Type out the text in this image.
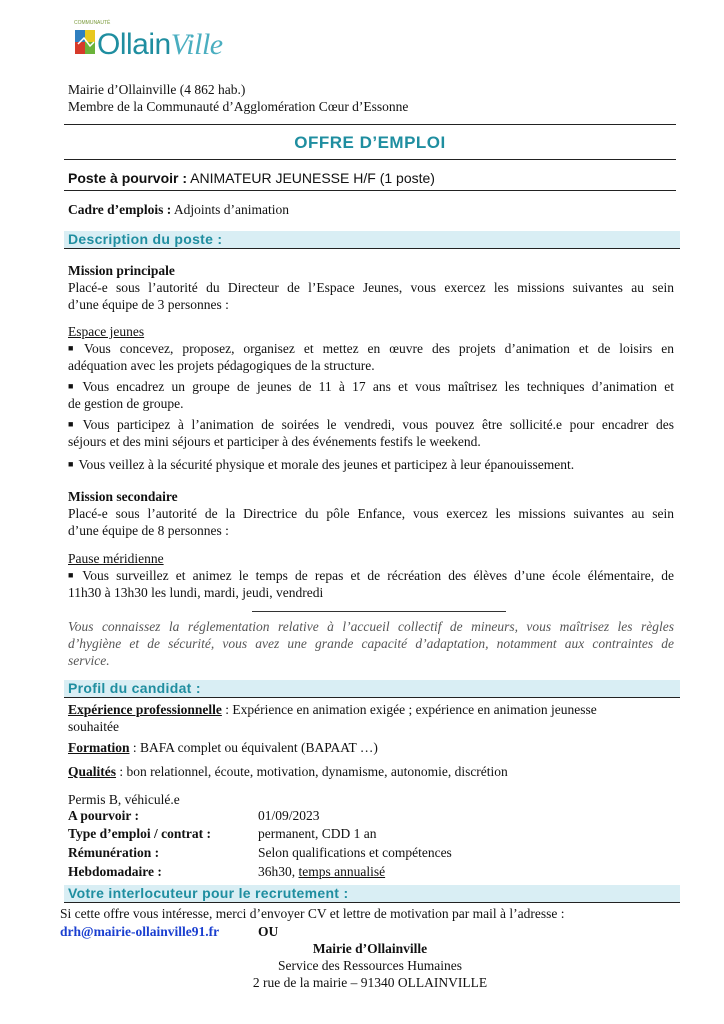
COMMUNAUTÉ
OllainVille
Mairie d’Ollainville (4 862 hab.)
Membre de la Communauté d’Agglomération Cœur d’Essonne
OFFRE D’EMPLOI
Poste à pourvoir : ANIMATEUR JEUNESSE H/F (1 poste)
Cadre d’emplois : Adjoints d’animation
Description du poste :
Mission principale
Placé-e sous l’autorité du Directeur de l’Espace Jeunes, vous exercez les missions suivantes au sein
d’une équipe de 3 personnes :
Espace jeunes
■ Vous concevez, proposez, organisez et mettez en œuvre des projets d’animation et de loisirs en
adéquation avec les projets pédagogiques de la structure.
■ Vous encadrez un groupe de jeunes de 11 à 17 ans et vous maîtrisez les techniques d’animation et
de gestion de groupe.
■ Vous participez à l’animation de soirées le vendredi, vous pouvez être sollicité.e pour encadrer des
séjours et des mini séjours et participer à des événements festifs le weekend.
■ Vous veillez à la sécurité physique et morale des jeunes et participez à leur épanouissement.
Mission secondaire
Placé-e sous l’autorité de la Directrice du pôle Enfance, vous exercez les missions suivantes au sein
d’une équipe de 8 personnes :
Pause méridienne
■ Vous surveillez et animez le temps de repas et de récréation des élèves d’une école élémentaire, de
11h30 à 13h30 les lundi, mardi, jeudi, vendredi
Vous connaissez la réglementation relative à l’accueil collectif de mineurs, vous maîtrisez les règles
d’hygiène et de sécurité, vous avez une grande capacité d’adaptation, notamment aux contraintes de
service.
Profil du candidat :
Expérience professionnelle : Expérience en animation exigée ; expérience en animation jeunesse
souhaitée
Formation : BAFA complet ou équivalent (BAPAAT …)
Qualités : bon relationnel, écoute, motivation, dynamisme, autonomie, discrétion
Permis B, véhiculé.e
A pourvoir :	01/09/2023
Type d’emploi / contrat :	permanent, CDD 1 an
Rémunération :	Selon qualifications et compétences
Hebdomadaire :	36h30, temps annualisé
Votre interlocuteur pour le recrutement :
Si cette offre vous intéresse, merci d’envoyer CV et lettre de motivation par mail à l’adresse :
drh@mairie-ollainville91.fr	OU
Mairie d’Ollainville
Service des Ressources Humaines
2 rue de la mairie – 91340 OLLAINVILLE
